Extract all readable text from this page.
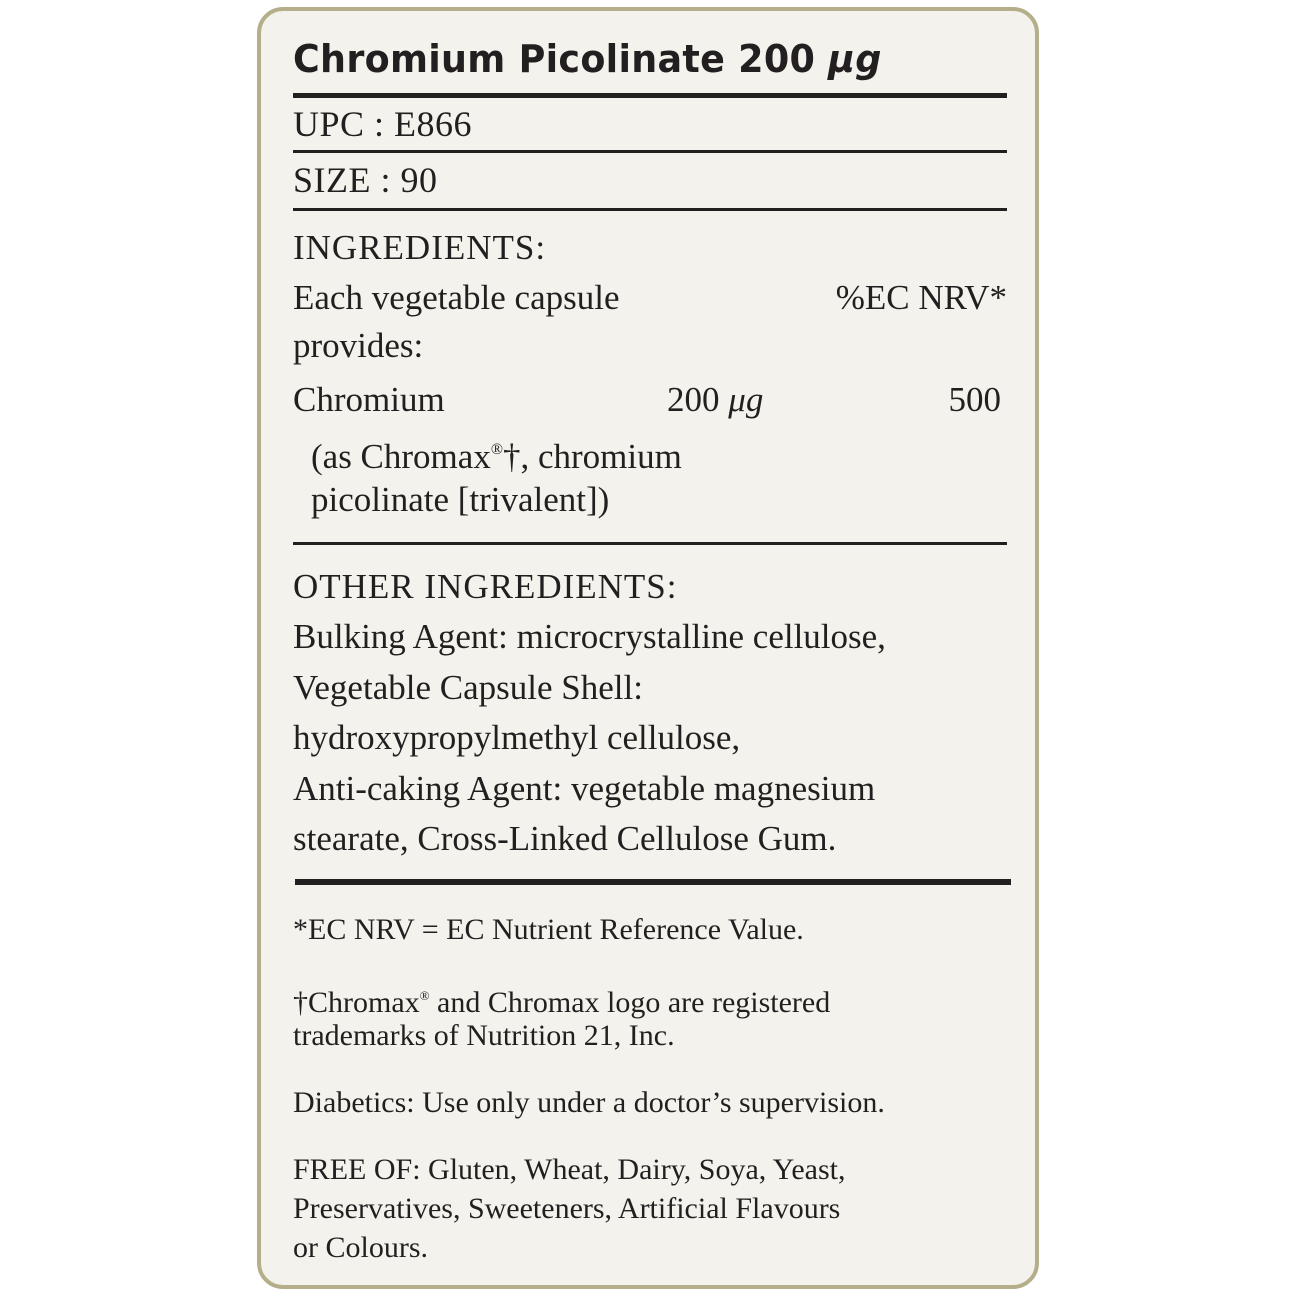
Chromium Picolinate 200 μg
UPC : E866
SIZE : 90
INGREDIENTS:
Each vegetable capsule	%EC NRV*
provides:
Chromium	200 μg	500
(as Chromax®†, chromium
picolinate [trivalent])
OTHER INGREDIENTS:
Bulking Agent: microcrystalline cellulose,
Vegetable Capsule Shell:
hydroxypropylmethyl cellulose,
Anti-caking Agent: vegetable magnesium
stearate, Cross-Linked Cellulose Gum.
*EC NRV = EC Nutrient Reference Value.
†Chromax® and Chromax logo are registered
trademarks of Nutrition 21, Inc.
Diabetics: Use only under a doctor’s supervision.
FREE OF: Gluten, Wheat, Dairy, Soya, Yeast,
Preservatives, Sweeteners, Artificial Flavours
or Colours.
